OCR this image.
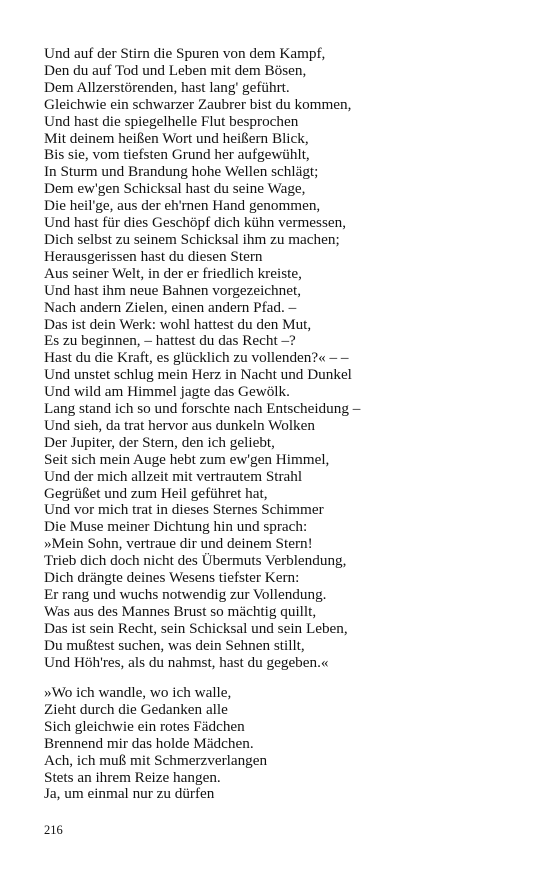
Und auf der Stirn die Spuren von dem Kampf,
Den du auf Tod und Leben mit dem Bösen,
Dem Allzerstörenden, hast lang' geführt.
Gleichwie ein schwarzer Zaubrer bist du kommen,
Und hast die spiegelhelle Flut besprochen
Mit deinem heißen Wort und heißern Blick,
Bis sie, vom tiefsten Grund her aufgewühlt,
In Sturm und Brandung hohe Wellen schlägt;
Dem ew'gen Schicksal hast du seine Wage,
Die heil'ge, aus der eh'rnen Hand genommen,
Und hast für dies Geschöpf dich kühn vermessen,
Dich selbst zu seinem Schicksal ihm zu machen;
Herausgerissen hast du diesen Stern
Aus seiner Welt, in der er friedlich kreiste,
Und hast ihm neue Bahnen vorgezeichnet,
Nach andern Zielen, einen andern Pfad. –
Das ist dein Werk: wohl hattest du den Mut,
Es zu beginnen, – hattest du das Recht –?
Hast du die Kraft, es glücklich zu vollenden?« – –
Und unstet schlug mein Herz in Nacht und Dunkel
Und wild am Himmel jagte das Gewölk.
Lang stand ich so und forschte nach Entscheidung –
Und sieh, da trat hervor aus dunkeln Wolken
Der Jupiter, der Stern, den ich geliebt,
Seit sich mein Auge hebt zum ew'gen Himmel,
Und der mich allzeit mit vertrautem Strahl
Gegrüßet und zum Heil geführet hat,
Und vor mich trat in dieses Sternes Schimmer
Die Muse meiner Dichtung hin und sprach:
»Mein Sohn, vertraue dir und deinem Stern!
Trieb dich doch nicht des Übermuts Verblendung,
Dich drängte deines Wesens tiefster Kern:
Er rang und wuchs notwendig zur Vollendung.
Was aus des Mannes Brust so mächtig quillt,
Das ist sein Recht, sein Schicksal und sein Leben,
Du mußtest suchen, was dein Sehnen stillt,
Und Höh'res, als du nahmst, hast du gegeben.«
»Wo ich wandle, wo ich walle,
Zieht durch die Gedanken alle
Sich gleichwie ein rotes Fädchen
Brennend mir das holde Mädchen.
Ach, ich muß mit Schmerzverlangen
Stets an ihrem Reize hangen.
Ja, um einmal nur zu dürfen
216
